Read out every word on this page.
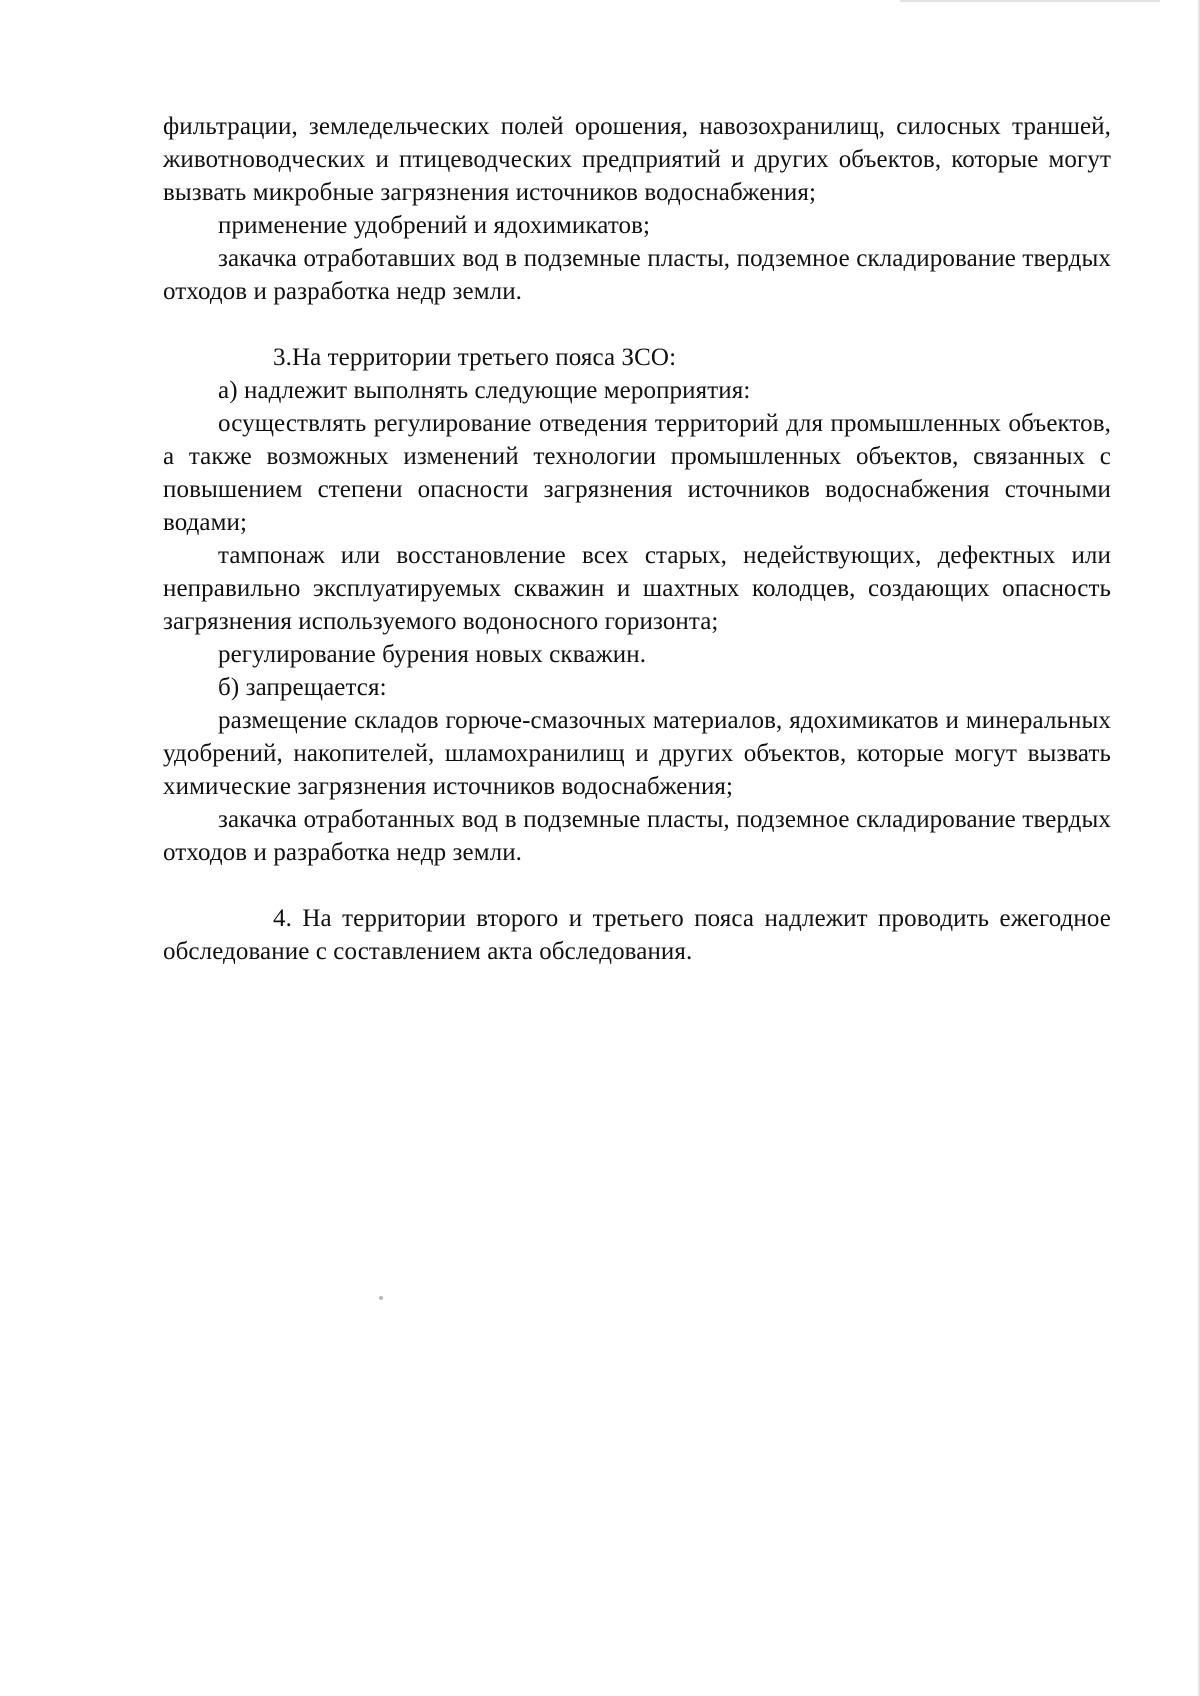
фильтрации, земледельческих полей орошения, навозохранилищ, силосных траншей, животноводческих и птицеводческих предприятий и других объектов, которые могут вызвать микробные загрязнения источников водоснабжения;

применение удобрений и ядохимикатов;

закачка отработавших вод в подземные пласты, подземное складирование твердых отходов и разработка недр земли.

3.На территории третьего пояса ЗСО:

а) надлежит выполнять следующие мероприятия:

осуществлять регулирование отведения территорий для промышленных объектов, а также возможных изменений технологии промышленных объектов, связанных с повышением степени опасности загрязнения источников водоснабжения сточными водами;

тампонаж или восстановление всех старых, недействующих, дефектных или неправильно эксплуатируемых скважин и шахтных колодцев, создающих опасность загрязнения используемого водоносного горизонта;

регулирование бурения новых скважин.

б) запрещается:

размещение складов горюче-смазочных материалов, ядохимикатов и минеральных удобрений, накопителей, шламохранилищ и других объектов, которые могут вызвать химические загрязнения источников водоснабжения;

закачка отработанных вод в подземные пласты, подземное складирование твердых отходов и разработка недр земли.

4. На территории второго и третьего пояса надлежит проводить ежегодное обследование с составлением акта обследования.
